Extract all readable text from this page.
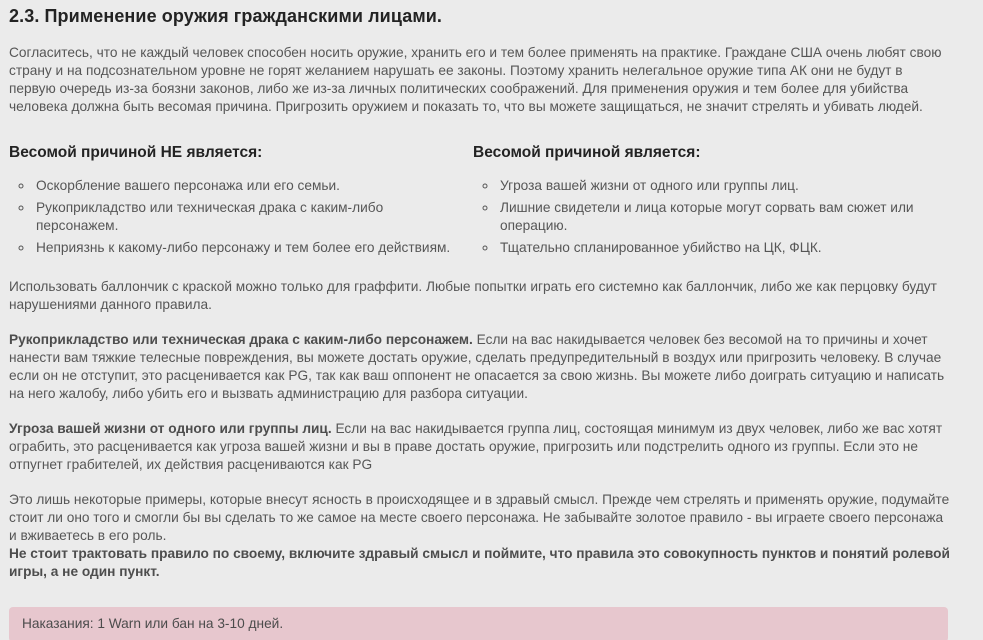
2.3. Применение оружия гражданскими лицами.

Согласитесь, что не каждый человек способен носить оружие, хранить его и тем более применять на практике. Граждане США очень любят свою страну и на подсознательном уровне не горят желанием нарушать ее законы. Поэтому хранить нелегальное оружие типа АК они не будут в первую очередь из-за боязни законов, либо же из-за личных политических соображений. Для применения оружия и тем более для убийства человека должна быть весомая причина. Пригрозить оружием и показать то, что вы можете защищаться, не значит стрелять и убивать людей.

Весомой причиной НЕ является:
◦ Оскорбление вашего персонажа или его семьи.
◦ Рукоприкладство или техническая драка с каким-либо персонажем.
◦ Неприязнь к какому-либо персонажу и тем более его действиям.
Весомой причиной является:
◦ Угроза вашей жизни от одного или группы лиц.
◦ Лишние свидетели и лица которые могут сорвать вам сюжет или операцию.
◦ Тщательно спланированное убийство на ЦК, ФЦК.

Использовать баллончик с краской можно только для граффити. Любые попытки играть его системно как баллончик, либо же как перцовку будут нарушениями данного правила.

Рукоприкладство или техническая драка с каким-либо персонажем. Если на вас накидывается человек без весомой на то причины и хочет нанести вам тяжкие телесные повреждения, вы можете достать оружие, сделать предупредительный в воздух или пригрозить человеку. В случае если он не отступит, это расценивается как PG, так как ваш оппонент не опасается за свою жизнь. Вы можете либо доиграть ситуацию и написать на него жалобу, либо убить его и вызвать администрацию для разбора ситуации.

Угроза вашей жизни от одного или группы лиц. Если на вас накидывается группа лиц, состоящая минимум из двух человек, либо же вас хотят ограбить, это расценивается как угроза вашей жизни и вы в праве достать оружие, пригрозить или подстрелить одного из группы. Если это не отпугнет грабителей, их действия расцениваются как PG

Это лишь некоторые примеры, которые внесут ясность в происходящее и в здравый смысл. Прежде чем стрелять и применять оружие, подумайте стоит ли оно того и смогли бы вы сделать то же самое на месте своего персонажа. Не забывайте золотое правило - вы играете своего персонажа и вживаетесь в его роль.
Не стоит трактовать правило по своему, включите здравый смысл и поймите, что правила это совокупность пунктов и понятий ролевой игры, а не один пункт.

Наказания: 1 Warn или бан на 3-10 дней.
